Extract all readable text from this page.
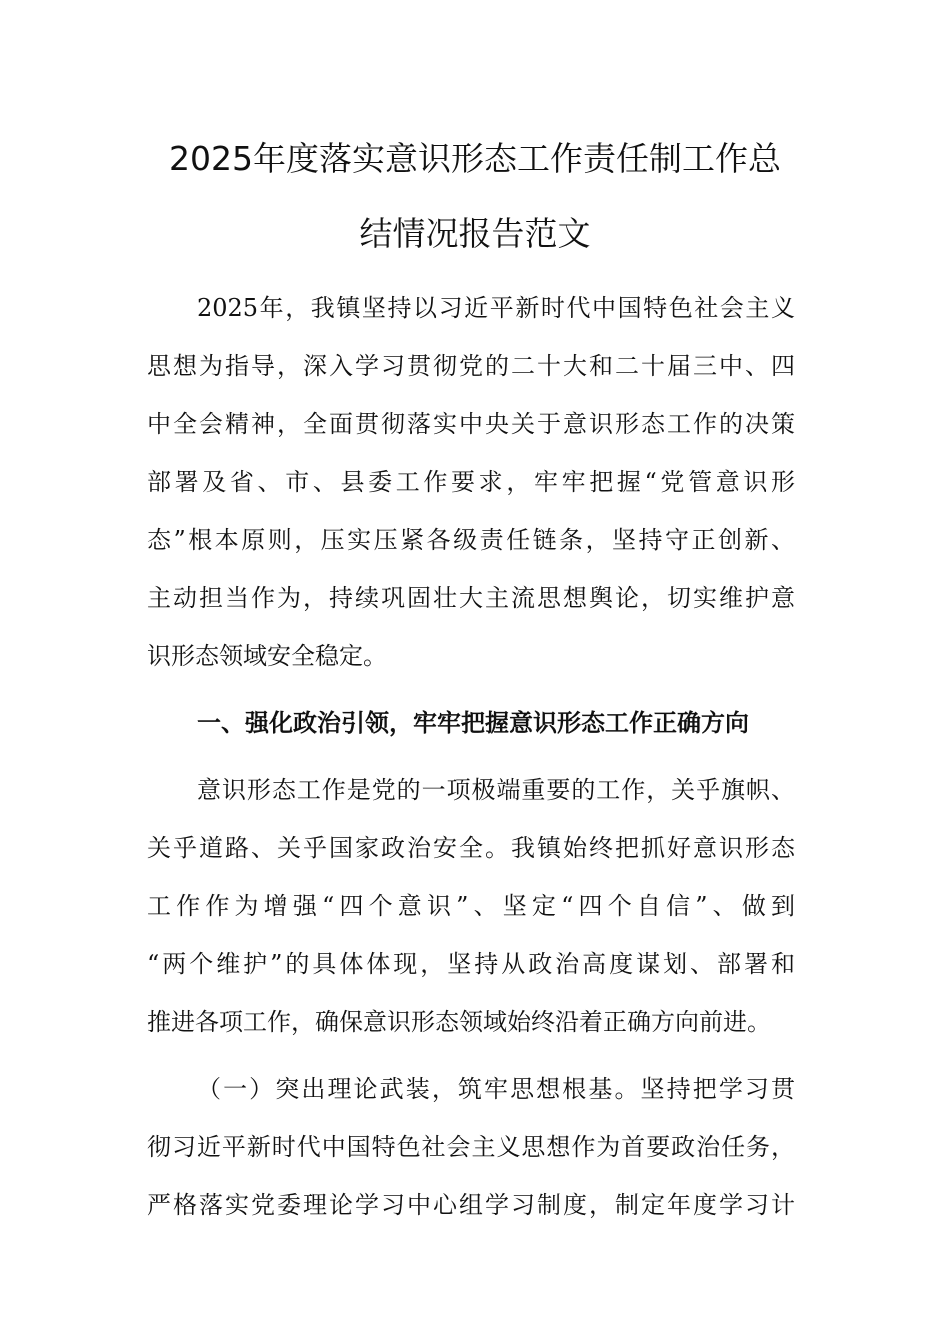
2025年度落实意识形态工作责任制工作总
结情况报告范文
2025年，我镇坚持以习近平新时代中国特色社会主义
思想为指导，深入学习贯彻党的二十大和二十届三中、四
中全会精神，全面贯彻落实中央关于意识形态工作的决策
部署及省、市、县委工作要求，牢牢把握“党管意识形
态”根本原则，压实压紧各级责任链条，坚持守正创新、
主动担当作为，持续巩固壮大主流思想舆论，切实维护意
识形态领域安全稳定。
一、强化政治引领，牢牢把握意识形态工作正确方向
意识形态工作是党的一项极端重要的工作，关乎旗帜、
关乎道路、关乎国家政治安全。我镇始终把抓好意识形态
工作作为增强“四个意识”、坚定“四个自信”、做到
“两个维护”的具体体现，坚持从政治高度谋划、部署和
推进各项工作，确保意识形态领域始终沿着正确方向前进。
（一）突出理论武装，筑牢思想根基。坚持把学习贯
彻习近平新时代中国特色社会主义思想作为首要政治任务，
严格落实党委理论学习中心组学习制度，制定年度学习计
